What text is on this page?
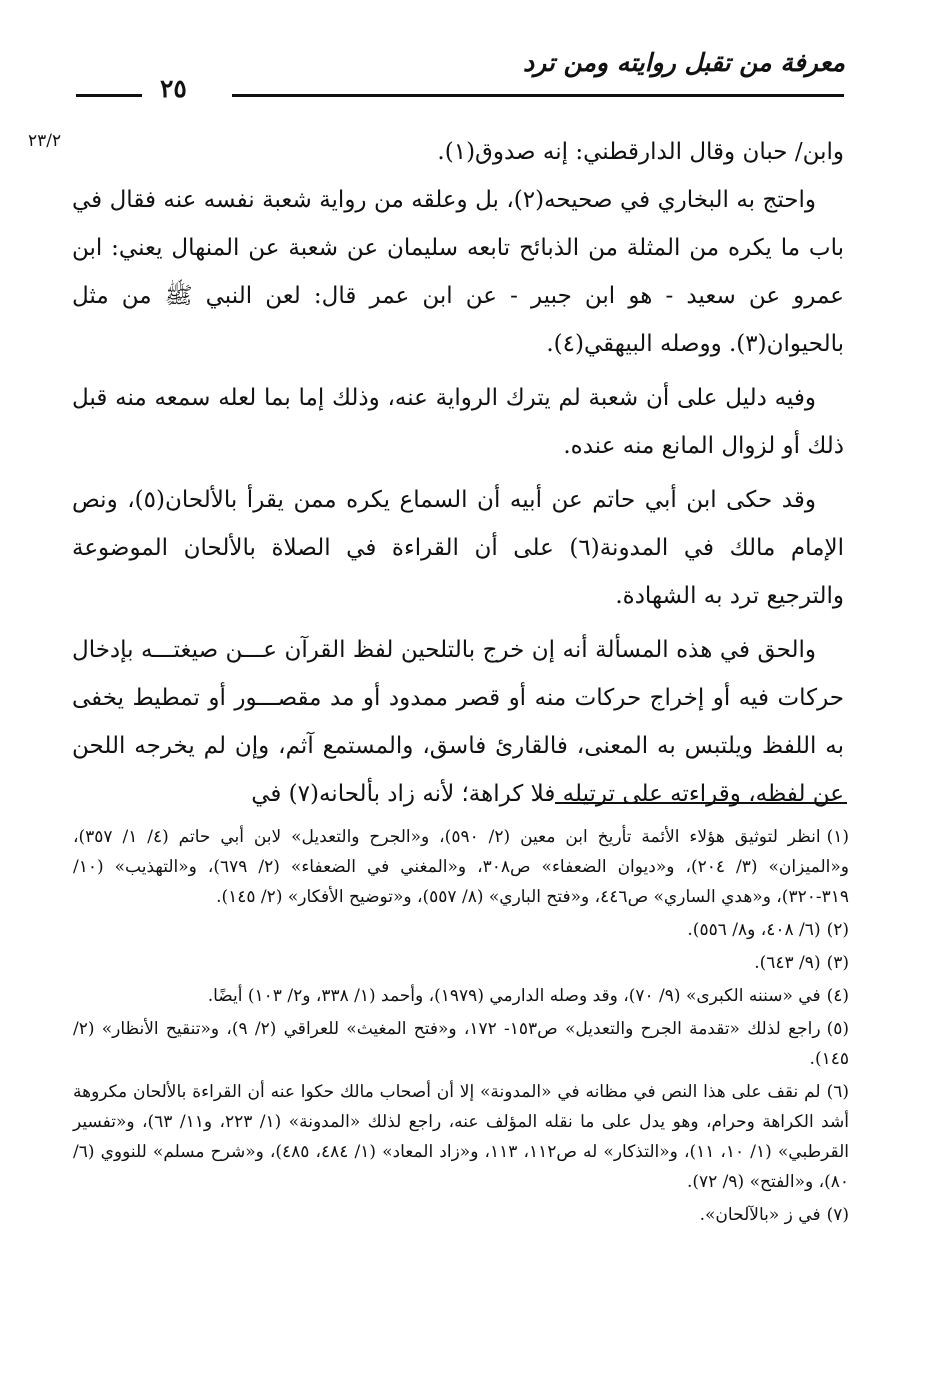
معرفة من تقبل روايته ومن ترد
٢٥
٢٣/٢	وابن/ حبان وقال الدارقطني: إنه صدوق(١).

واحتج به البخاري في صحيحه(٢)، بل وعلقه من رواية شعبة نفسه عنه فقال في باب ما يكره من المثلة من الذبائح تابعه سليمان عن شعبة عن المنهال يعني: ابن عمرو عن سعيد - هو ابن جبير - عن ابن عمر قال: لعن النبي ﷺ من مثل بالحيوان(٣). ووصله البيهقي(٤).

وفيه دليل على أن شعبة لم يترك الرواية عنه، وذلك إما بما لعله سمعه منه قبل ذلك أو لزوال المانع منه عنده.

وقد حكى ابن أبي حاتم عن أبيه أن السماع يكره ممن يقرأ بالألحان(٥)، ونص الإمام مالك في المدونة(٦) على أن القراءة في الصلاة بالألحان الموضوعة والترجيع ترد به الشهادة.

والحق في هذه المسألة أنه إن خرج بالتلحين لفظ القرآن عـــن صيغتـــه بإدخال حركات فيه أو إخراج حركات منه أو قصر ممدود أو مد مقصـــور أو تمطيط يخفى به اللفظ ويلتبس به المعنى، فالقارئ فاسق، والمستمع آثم، وإن لم يخرجه اللحن عن لفظه، وقراءته على ترتيله فلا كراهة؛ لأنه زاد بألحانه(٧) في

(١)انظر لتوثيق هؤلاء الأئمة تأريخ ابن معين (٢/ ٥٩٠)، و«الجرح والتعديل» لابن أبي حاتم (٤/ ١/ ٣٥٧)، و«الميزان» (٣/ ٢٠٤)، و«ديوان الضعفاء» ص٣٠٨، و«المغني في الضعفاء» (٢/ ٦٧٩)، و«التهذيب» (١٠/ ٣١٩-٣٢٠)، و«هدي الساري» ص٤٤٦، و«فتح الباري» (٨/ ٥٥٧)، و«توضيح الأفكار» (٢/ ١٤٥).

(٢)(٦/ ٤٠٨، و٨/ ٥٥٦).

(٣)(٩/ ٦٤٣).

(٤)في «سننه الكبرى» (٩/ ٧٠)، وقد وصله الدارمي (١٩٧٩)، وأحمد (١/ ٣٣٨، و٢/ ١٠٣) أيضًا.

(٥)راجع لذلك «تقدمة الجرح والتعديل» ص١٥٣- ١٧٢، و«فتح المغيث» للعراقي (٢/ ٩)، و«تنقيح الأنظار» (٢/ ١٤٥).

(٦)لم نقف على هذا النص في مظانه في «المدونة» إلا أن أصحاب مالك حكوا عنه أن القراءة بالألحان مكروهة أشد الكراهة وحرام، وهو يدل على ما نقله المؤلف عنه، راجع لذلك «المدونة» (١/ ٢٢٣، و١١/ ٦٣)، و«تفسير القرطبي» (١/ ١٠، ١١)، و«التذكار» له ص١١٢، ١١٣، و«زاد المعاد» (١/ ٤٨٤، ٤٨٥)، و«شرح مسلم» للنووي (٦/ ٨٠)، و«الفتح» (٩/ ٧٢).

(٧)في ز «بالآلحان».
